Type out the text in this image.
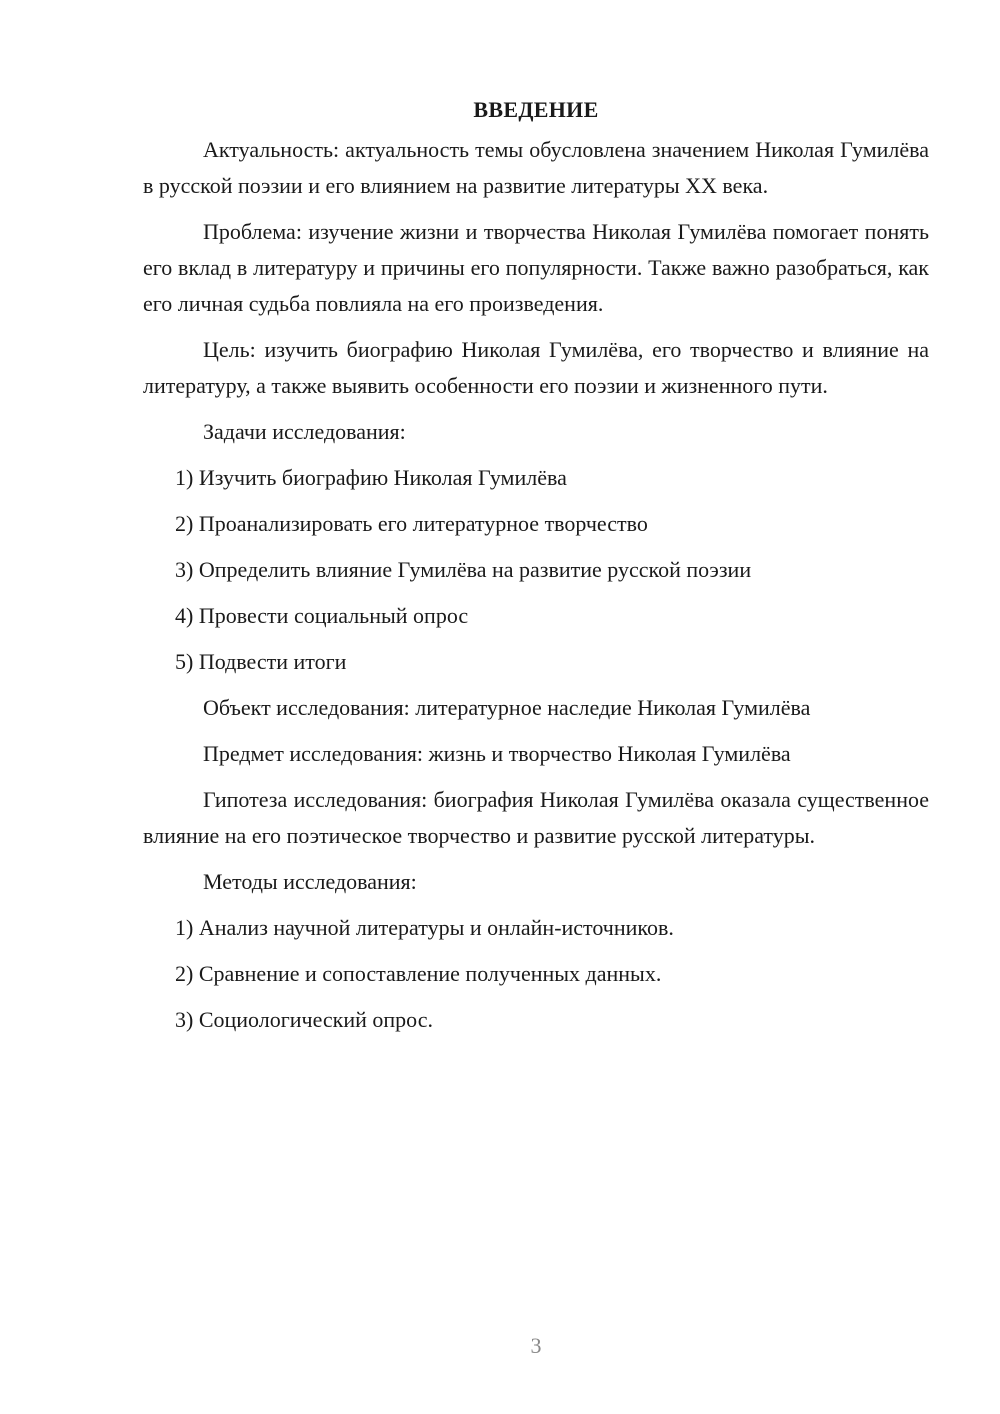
ВВЕДЕНИЕ

Актуальность: актуальность темы обусловлена значением Николая Гумилёва в русской поэзии и его влиянием на развитие литературы XX века.

Проблема: изучение жизни и творчества Николая Гумилёва помогает понять его вклад в литературу и причины его популярности. Также важно разобраться, как его личная судьба повлияла на его произведения.

Цель: изучить биографию Николая Гумилёва, его творчество и влияние на литературу, а также выявить особенности его поэзии и жизненного пути.

Задачи исследования:
1) Изучить биографию Николая Гумилёва
2) Проанализировать его литературное творчество
3) Определить влияние Гумилёва на развитие русской поэзии
4) Провести социальный опрос
5) Подвести итоги
Объект исследования: литературное наследие Николая Гумилёва
Предмет исследования: жизнь и творчество Николая Гумилёва

Гипотеза исследования: биография Николая Гумилёва оказала существенное влияние на его поэтическое творчество и развитие русской литературы.

Методы исследования:
1) Анализ научной литературы и онлайн-источников.
2) Сравнение и сопоставление полученных данных.
3) Социологический опрос.
3
